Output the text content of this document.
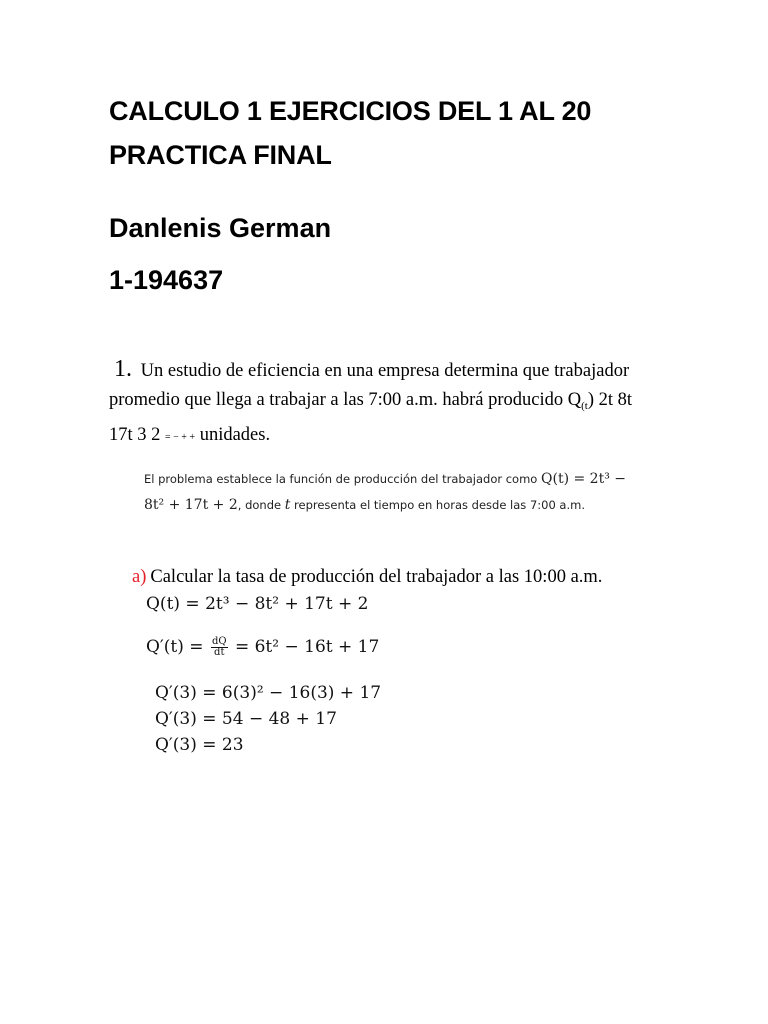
CALCULO 1 EJERCICIOS DEL 1 AL 20
PRACTICA FINAL
Danlenis German
1-194637
1. Un estudio de eficiencia en una empresa determina que trabajador
promedio que llega a trabajar a las 7:00 a.m. habrá producido $Q_{(t}$) 2t 8t
17t 3 2 = − + + unidades.
El problema establece la función de producción del trabajador como Q(t) = 2t³ −
8t² + 17t + 2, donde t representa el tiempo en horas desde las 7:00 a.m.
a) Calcular la tasa de producción del trabajador a las 10:00 a.m.
Q(t) = 2t³ − 8t² + 17t + 2
$Q'(t) = \frac{dQ}{dt} = 6t^2 - 16t + 17$
Q′(3) = 6(3)² − 16(3) + 17
Q′(3) = 54 − 48 + 17
Q′(3) = 23
